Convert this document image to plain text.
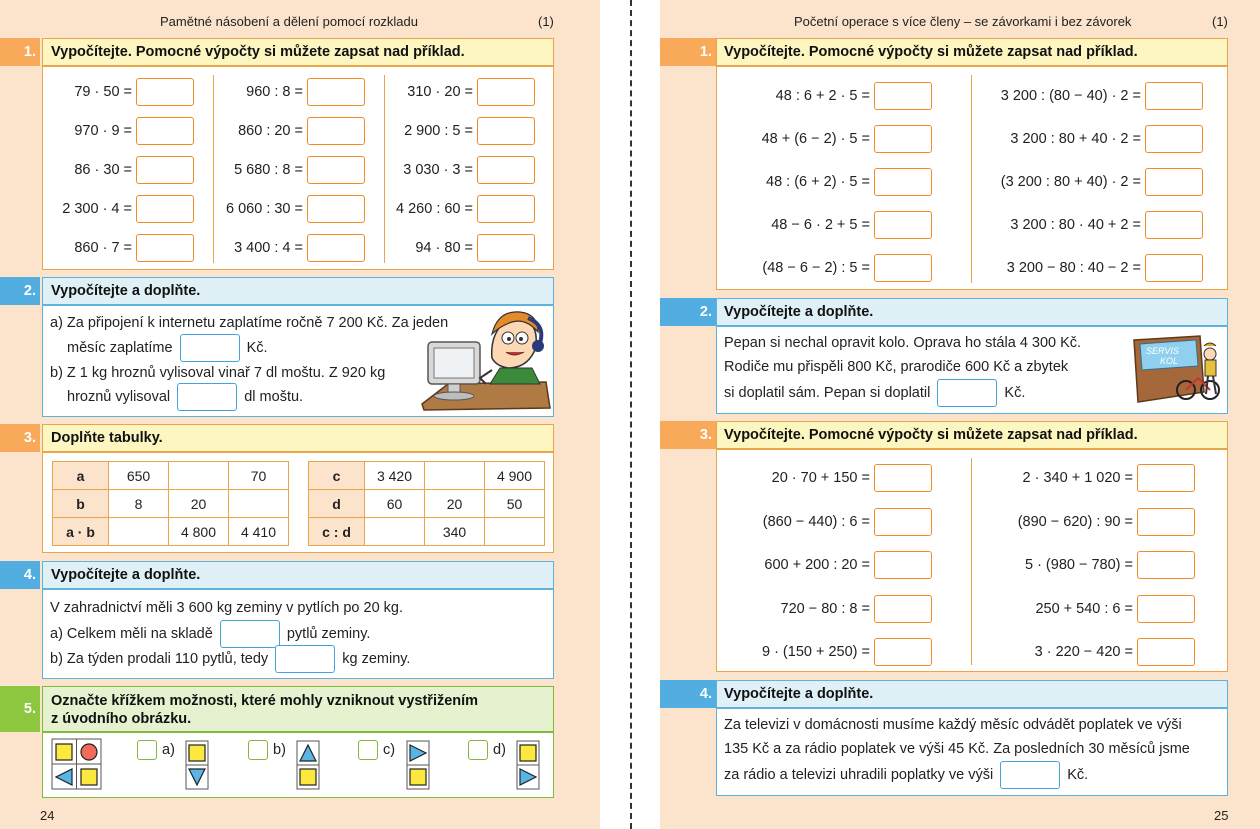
Pamětné násobení a dělení pomocí rozkladu	(1)
1.	Vypočítejte. Pomocné výpočty si můžete zapsat nad příklad.
79 · 50 =
970 · 9 =
86 · 30 =
2 300 · 4 =
860 · 7 =
960 : 8 =
860 : 20 =
5 680 : 8 =
6 060 : 30 =
3 400 : 4 =
310 · 20 =
2 900 : 5 =
3 030 · 3 =
4 260 : 60 =
94 · 80 =
2.	Vypočítejte a doplňte.
a) Za připojení k internetu zaplatíme ročně 7 200 Kč. Za jeden
měsíc zaplatíme	Kč.
b) Z 1 kg hroznů vylisoval vinař 7 dl moštu. Z 920 kg
hroznů vylisoval	dl moštu.
3.	Doplňte tabulky.
a	650		70
b	8	20	
a · b		4 800	4 410
c	3 420		4 900
d	60	20	50
c : d		340	
4.	Vypočítejte a doplňte.
V zahradnictví měli 3 600 kg zeminy v pytlích po 20 kg.
a) Celkem měli na skladě	pytlů zeminy.
b) Za týden prodali 110 pytlů, tedy	kg zeminy.
5. Označte křížkem možnosti, které mohly vzniknout vystřižením
z úvodního obrázku.
a)	b)	c)	d)
24
Početní operace s více členy – se závorkami i bez závorek	(1)
1. Vypočítejte. Pomocné výpočty si můžete zapsat nad příklad.
48 : 6 + 2 · 5 =
48 + (6 − 2) · 5 =
48 : (6 + 2) · 5 =
48 − 6 · 2 + 5 =
(48 − 6 − 2) : 5 =
3 200 : (80 − 40) · 2 =
3 200 : 80 + 40 · 2 =
(3 200 : 80 + 40) · 2 =
3 200 : 80 · 40 + 2 =
3 200 − 80 : 40 − 2 =
2. Vypočítejte a doplňte.
Pepan si nechal opravit kolo. Oprava ho stála 4 300 Kč.
Rodiče mu přispěli 800 Kč, prarodiče 600 Kč a zbytek
si doplatil sám. Pepan si doplatil	Kč.
SERVIS
KOL
3. Vypočítejte. Pomocné výpočty si můžete zapsat nad příklad.
20 · 70 + 150 =
(860 − 440) : 6 =
600 + 200 : 20 =
720 − 80 : 8 =
9 · (150 + 250) =
2 · 340 + 1 020 =
(890 − 620) : 90 =
5 · (980 − 780) =
250 + 540 : 6 =
3 · 220 − 420 =
4. Vypočítejte a doplňte.
Za televizi v domácnosti musíme každý měsíc odvádět poplatek ve výši
135 Kč a za rádio poplatek ve výši 45 Kč. Za posledních 30 měsíců jsme
za rádio a televizi uhradili poplatky ve výši	Kč.
25
